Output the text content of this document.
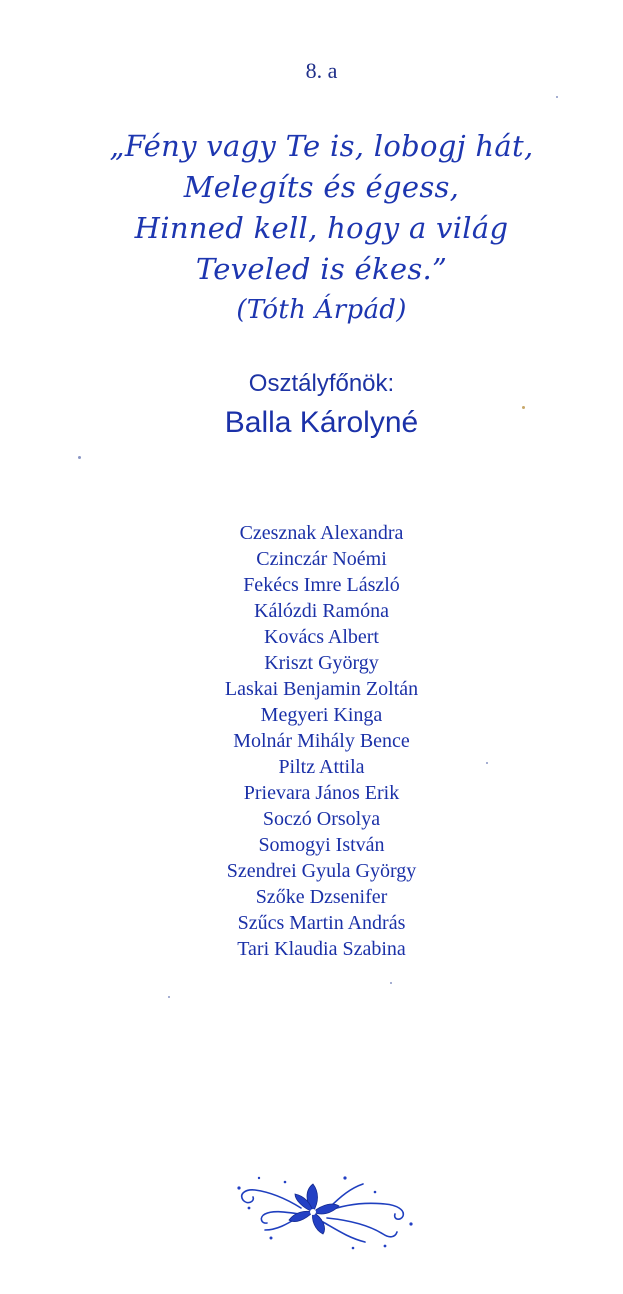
8. a
„Fény vagy Te is, lobogj hát,
Melegíts és égess,
Hinned kell, hogy a világ
Teveled is ékes.”
(Tóth Árpád)
Osztályfőnök:
Balla Károlyné
Czesznak Alexandra
Czinczár Noémi
Fekécs Imre László
Kálózdi Ramóna
Kovács Albert
Kriszt György
Laskai Benjamin Zoltán
Megyeri Kinga
Molnár Mihály Bence
Piltz Attila
Prievara János Erik
Soczó Orsolya
Somogyi István
Szendrei Gyula György
Szőke Dzsenifer
Szűcs Martin András
Tari Klaudia Szabina
